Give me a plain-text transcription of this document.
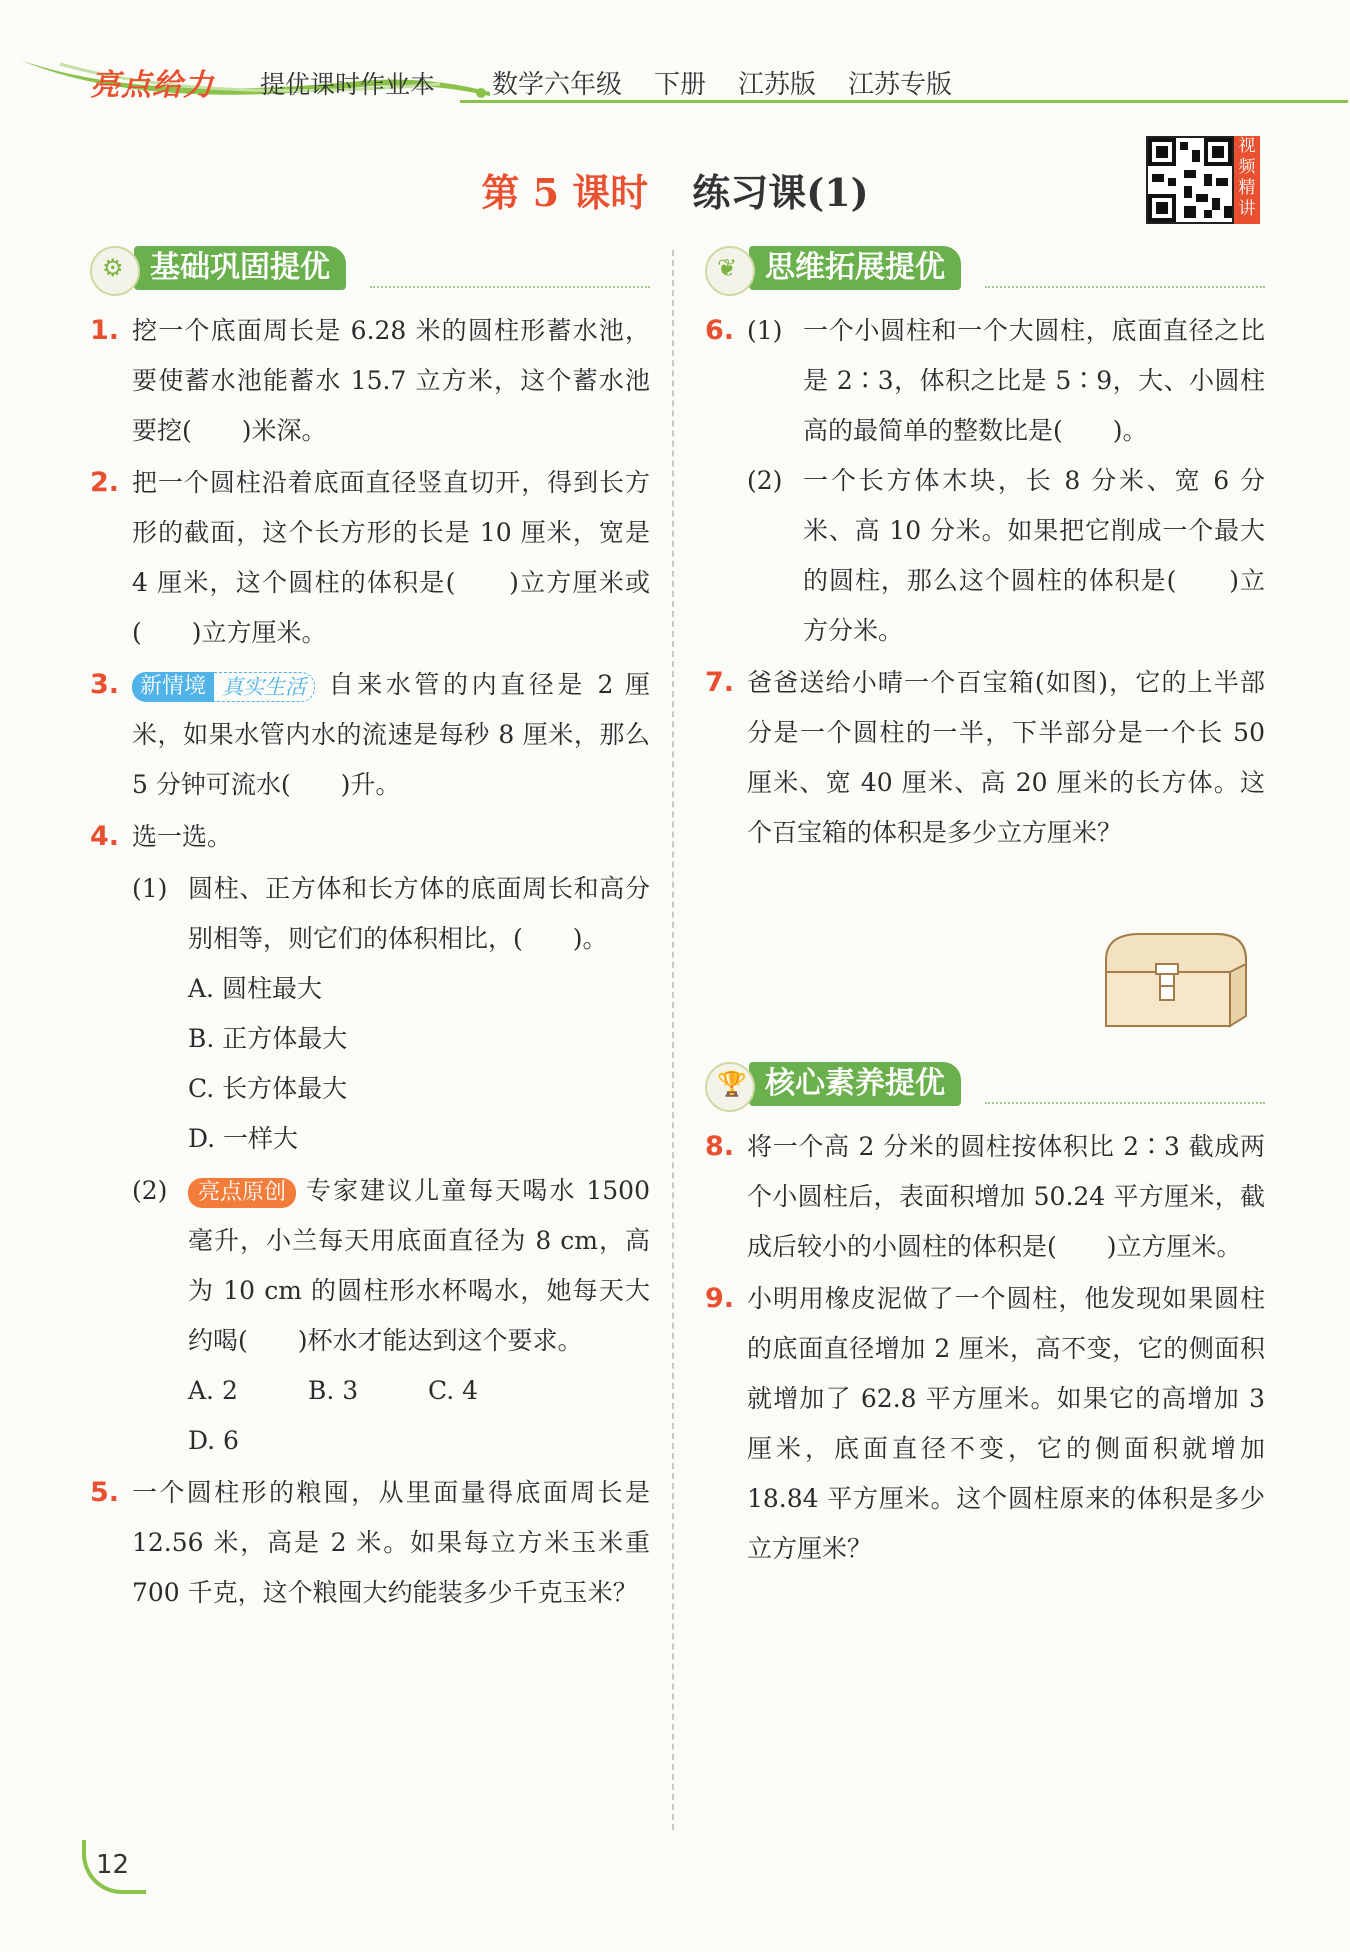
亮点给力 提优课时作业本 数学六年级 下册 江苏版 江苏专版
第 5 课时 练习课(1)
视频精讲
基础巩固提优
⚙
1. 挖一个底面周长是 6.28 米的圆柱形蓄水池，要使蓄水池能蓄水 15.7 立方米，这个蓄水池要挖(　　)米深。
2. 把一个圆柱沿着底面直径竖直切开，得到长方形的截面，这个长方形的长是 10 厘米，宽是 4 厘米，这个圆柱的体积是(　　)立方厘米或(　　)立方厘米。
3. 新情境 真实生活 自来水管的内直径是 2 厘米，如果水管内水的流速是每秒 8 厘米，那么 5 分钟可流水(　　)升。
4. 选一选。
(1) 圆柱、正方体和长方体的底面周长和高分别相等，则它们的体积相比，(　　)。
A. 圆柱最大
B. 正方体最大
C. 长方体最大
D. 一样大
(2)	亮点原创 专家建议儿童每天喝水 1500 毫升，小兰每天用底面直径为 8 cm，高为 10 cm 的圆柱形水杯喝水，她每天大约喝(　　)杯水才能达到这个要求。
A. 2	B. 3	C. 4
D. 6
5. 一个圆柱形的粮囤，从里面量得底面周长是 12.56 米，高是 2 米。如果每立方米玉米重 700 千克，这个粮囤大约能装多少千克玉米？
思维拓展提优
❦
6. (1) 一个小圆柱和一个大圆柱，底面直径之比是 2∶3，体积之比是 5∶9，大、小圆柱高的最简单的整数比是(　　)。
(2) 一个长方体木块，长 8 分米、宽 6 分米、高 10 分米。如果把它削成一个最大的圆柱，那么这个圆柱的体积是(　　)立方分米。
7. 爸爸送给小晴一个百宝箱(如图)，它的上半部分是一个圆柱的一半，下半部分是一个长 50 厘米、宽 40 厘米、高 20 厘米的长方体。这个百宝箱的体积是多少立方厘米？
核心素养提优
🏆
8. 将一个高 2 分米的圆柱按体积比 2∶3 截成两个小圆柱后，表面积增加 50.24 平方厘米，截成后较小的小圆柱的体积是(　　)立方厘米。
9. 小明用橡皮泥做了一个圆柱，他发现如果圆柱的底面直径增加 2 厘米，高不变，它的侧面积就增加了 62.8 平方厘米。如果它的高增加 3 厘米，底面直径不变，它的侧面积就增加 18.84 平方厘米。这个圆柱原来的体积是多少立方厘米？
12
